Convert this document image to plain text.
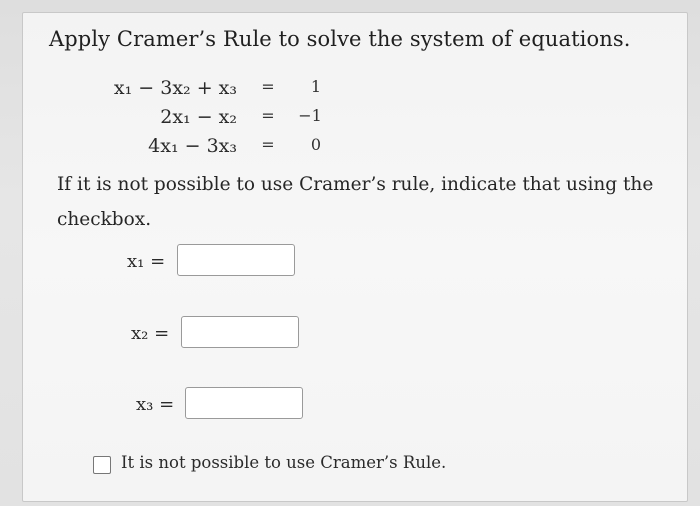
Apply Cramer’s Rule to solve the system of equations.
x₁ − 3x₂ + x₃ =	1
2x₁ − x₂ = −1
4x₁ − 3x₃ =	0
If it is not possible to use Cramer’s rule, indicate that using the checkbox.
x₁ =
x₂ =
x₃ =
It is not possible to use Cramer’s Rule.
